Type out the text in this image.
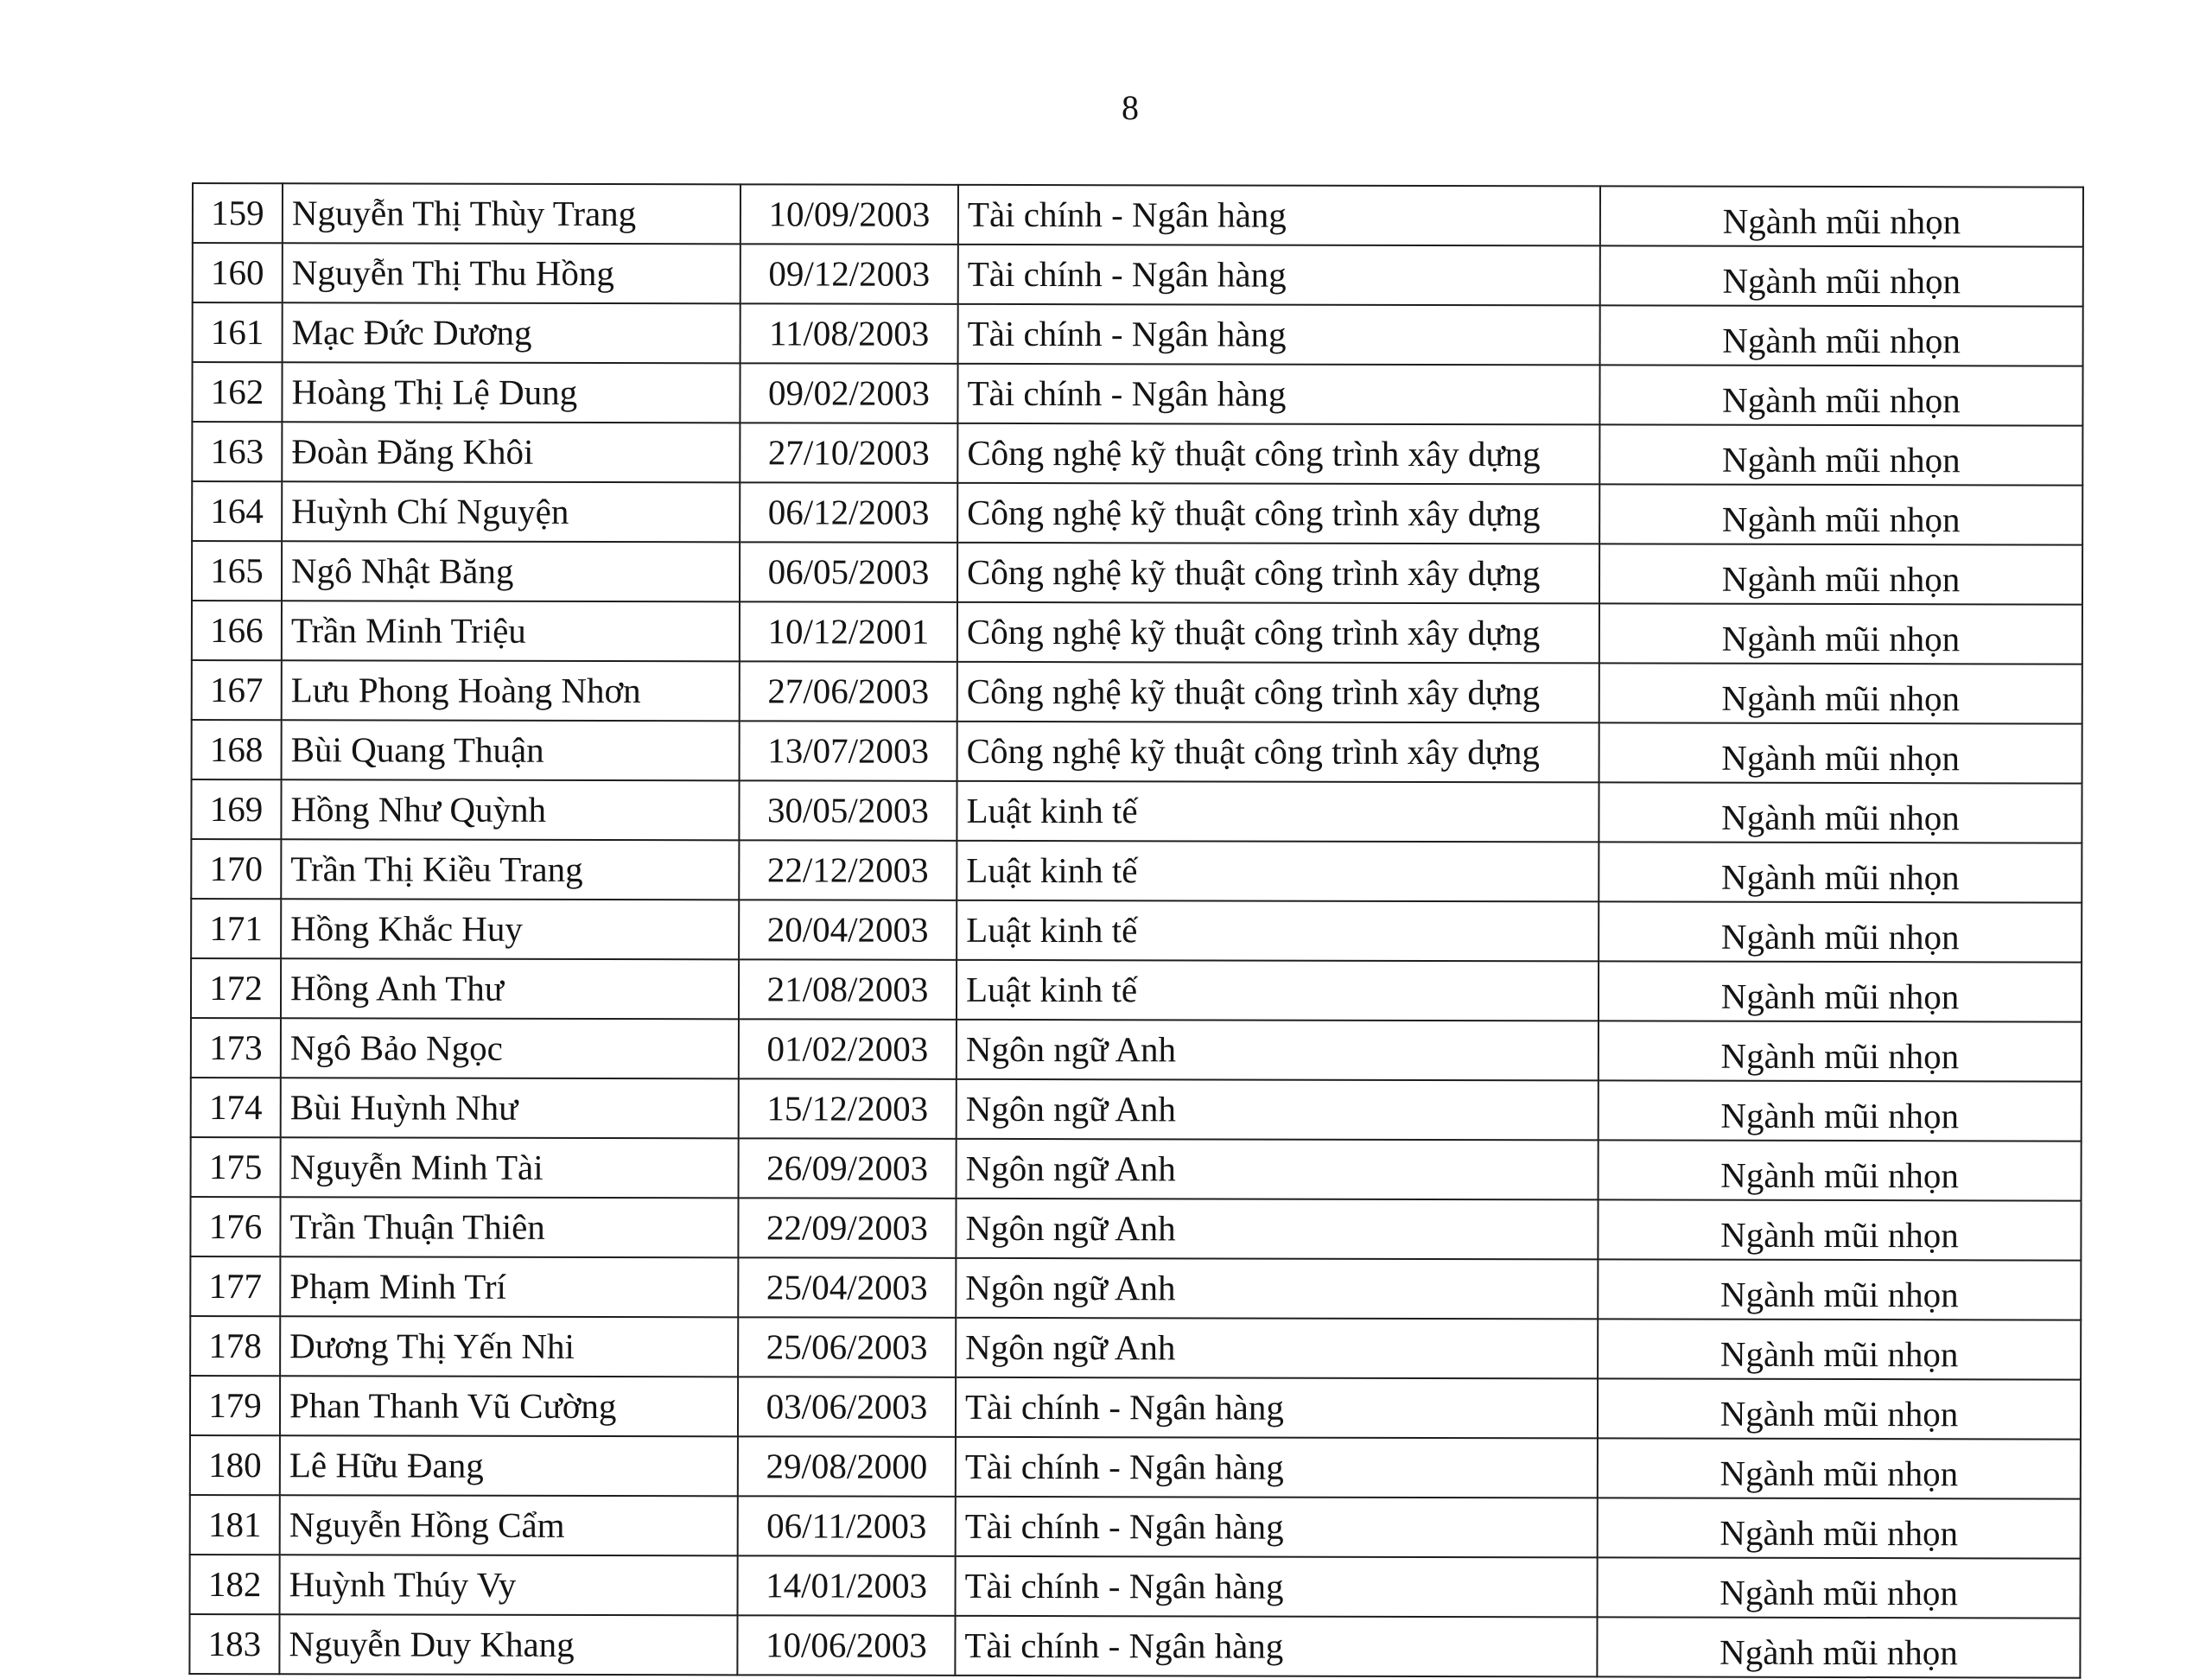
8
159	Nguyễn Thị Thùy Trang	10/09/2003	Tài chính - Ngân hàng	Ngành mũi nhọn
160	Nguyễn Thị Thu Hồng	09/12/2003	Tài chính - Ngân hàng	Ngành mũi nhọn
161	Mạc Đức Dương	11/08/2003	Tài chính - Ngân hàng	Ngành mũi nhọn
162	Hoàng Thị Lệ Dung	09/02/2003	Tài chính - Ngân hàng	Ngành mũi nhọn
163	Đoàn Đăng Khôi	27/10/2003	Công nghệ kỹ thuật công trình xây dựng	Ngành mũi nhọn
164	Huỳnh Chí Nguyện	06/12/2003	Công nghệ kỹ thuật công trình xây dựng	Ngành mũi nhọn
165	Ngô Nhật Băng	06/05/2003	Công nghệ kỹ thuật công trình xây dựng	Ngành mũi nhọn
166	Trần Minh Triệu	10/12/2001	Công nghệ kỹ thuật công trình xây dựng	Ngành mũi nhọn
167	Lưu Phong Hoàng Nhơn	27/06/2003	Công nghệ kỹ thuật công trình xây dựng	Ngành mũi nhọn
168	Bùi Quang Thuận	13/07/2003	Công nghệ kỹ thuật công trình xây dựng	Ngành mũi nhọn
169	Hồng Như Quỳnh	30/05/2003	Luật kinh tế	Ngành mũi nhọn
170	Trần Thị Kiều Trang	22/12/2003	Luật kinh tế	Ngành mũi nhọn
171	Hồng Khắc Huy	20/04/2003	Luật kinh tế	Ngành mũi nhọn
172	Hồng Anh Thư	21/08/2003	Luật kinh tế	Ngành mũi nhọn
173	Ngô Bảo Ngọc	01/02/2003	Ngôn ngữ Anh	Ngành mũi nhọn
174	Bùi Huỳnh Như	15/12/2003	Ngôn ngữ Anh	Ngành mũi nhọn
175	Nguyễn Minh Tài	26/09/2003	Ngôn ngữ Anh	Ngành mũi nhọn
176	Trần Thuận Thiên	22/09/2003	Ngôn ngữ Anh	Ngành mũi nhọn
177	Phạm Minh Trí	25/04/2003	Ngôn ngữ Anh	Ngành mũi nhọn
178	Dương Thị Yến Nhi	25/06/2003	Ngôn ngữ Anh	Ngành mũi nhọn
179	Phan Thanh Vũ Cường	03/06/2003	Tài chính - Ngân hàng	Ngành mũi nhọn
180	Lê Hữu Đang	29/08/2000	Tài chính - Ngân hàng	Ngành mũi nhọn
181	Nguyễn Hồng Cẩm	06/11/2003	Tài chính - Ngân hàng	Ngành mũi nhọn
182	Huỳnh Thúy Vy	14/01/2003	Tài chính - Ngân hàng	Ngành mũi nhọn
183	Nguyễn Duy Khang	10/06/2003	Tài chính - Ngân hàng	Ngành mũi nhọn
